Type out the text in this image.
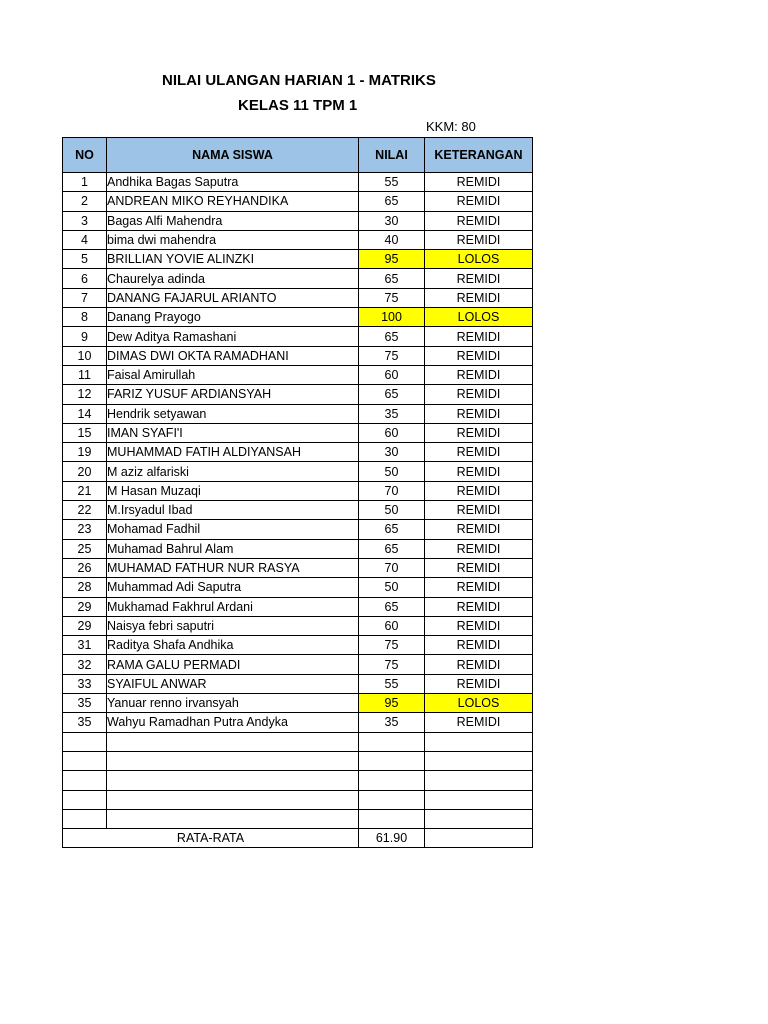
NILAI ULANGAN HARIAN 1 - MATRIKS
KELAS 11 TPM 1
KKM: 80
NO	NAMA SISWA	NILAI	KETERANGAN
1	Andhika Bagas Saputra	55	REMIDI
2	ANDREAN MIKO REYHANDIKA	65	REMIDI
3	Bagas Alfi Mahendra	30	REMIDI
4	bima dwi mahendra	40	REMIDI
5	BRILLIAN YOVIE ALINZKI	95	LOLOS
6	Chaurelya adinda	65	REMIDI
7	DANANG FAJARUL ARIANTO	75	REMIDI
8	Danang Prayogo	100	LOLOS
9	Dew Aditya Ramashani	65	REMIDI
10	DIMAS DWI OKTA RAMADHANI	75	REMIDI
11	Faisal Amirullah	60	REMIDI
12	FARIZ YUSUF ARDIANSYAH	65	REMIDI
14	Hendrik setyawan	35	REMIDI
15	IMAN SYAFI'I	60	REMIDI
19	MUHAMMAD FATIH ALDIYANSAH	30	REMIDI
20	M aziz alfariski	50	REMIDI
21	M Hasan Muzaqi	70	REMIDI
22	M.Irsyadul Ibad	50	REMIDI
23	Mohamad Fadhil	65	REMIDI
25	Muhamad Bahrul Alam	65	REMIDI
26	MUHAMAD FATHUR NUR RASYA	70	REMIDI
28	Muhammad Adi Saputra	50	REMIDI
29	Mukhamad Fakhrul Ardani	65	REMIDI
29	Naisya febri saputri	60	REMIDI
31	Raditya Shafa Andhika	75	REMIDI
32	RAMA GALU PERMADI	75	REMIDI
33	SYAIFUL ANWAR	55	REMIDI
35	Yanuar renno irvansyah	95	LOLOS
35	Wahyu Ramadhan Putra Andyka	35	REMIDI

RATA-RATA		61.90	
